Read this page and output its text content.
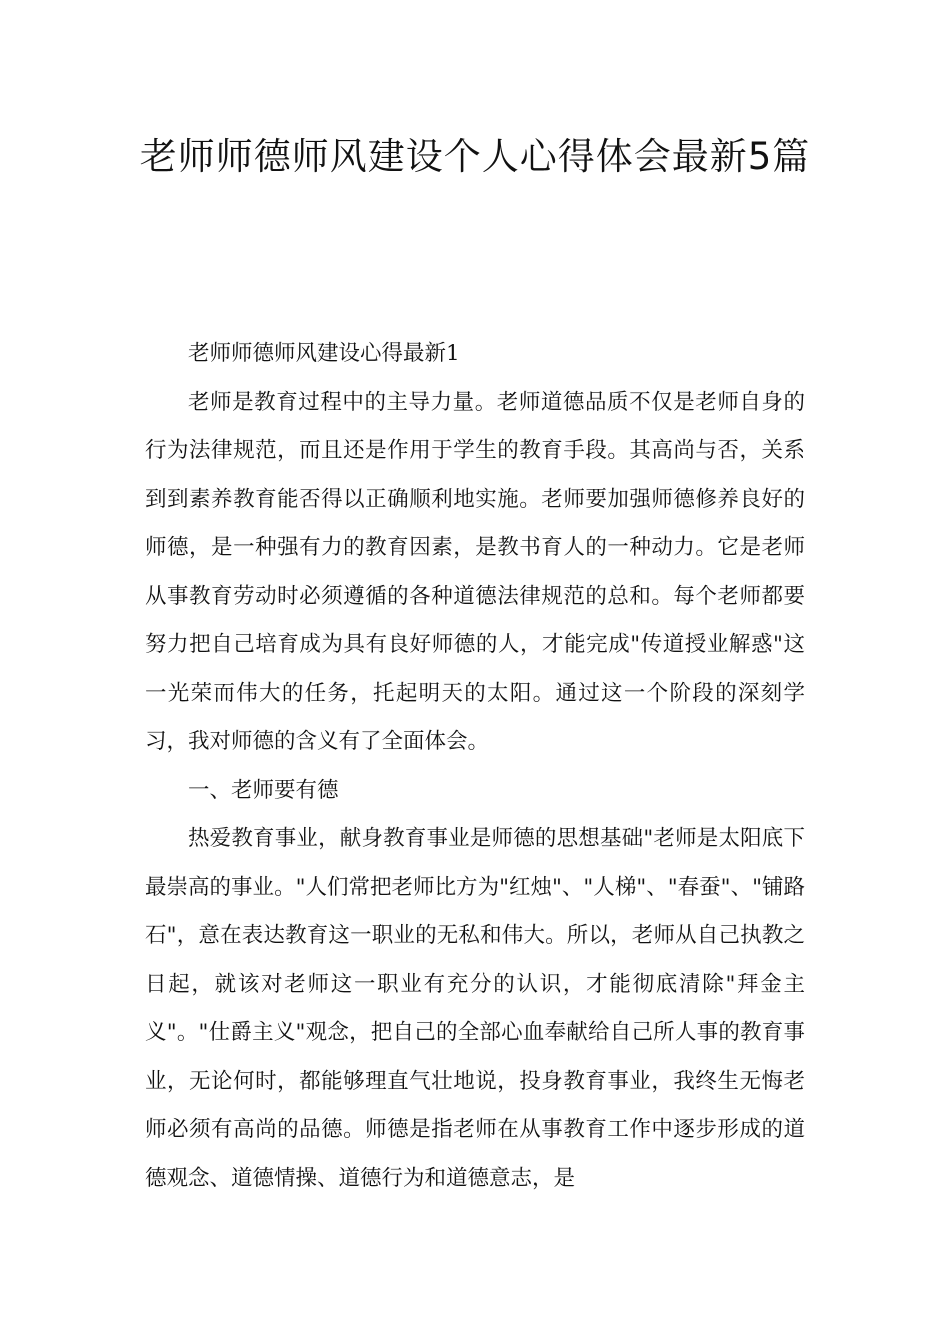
老师师德师风建设个人心得体会最新5篇

老师师德师风建设心得最新1

老师是教育过程中的主导力量。老师道德品质不仅是老师自身的行为法律规范，而且还是作用于学生的教育手段。其高尚与否，关系到到素养教育能否得以正确顺利地实施。老师要加强师德修养良好的师德，是一种强有力的教育因素，是教书育人的一种动力。它是老师从事教育劳动时必须遵循的各种道德法律规范的总和。每个老师都要努力把自己培育成为具有良好师德的人，才能完成"传道授业解惑"这一光荣而伟大的任务，托起明天的太阳。通过这一个阶段的深刻学习，我对师德的含义有了全面体会。

一、老师要有德

热爱教育事业，献身教育事业是师德的思想基础"老师是太阳底下最崇高的事业。"人们常把老师比方为"红烛"、"人梯"、"春蚕"、"铺路石"，意在表达教育这一职业的无私和伟大。所以，老师从自己执教之日起，就该对老师这一职业有充分的认识，才能彻底清除"拜金主义"。"仕爵主义"观念，把自己的全部心血奉献给自己所人事的教育事业，无论何时，都能够理直气壮地说，投身教育事业，我终生无悔老师必须有高尚的品德。师德是指老师在从事教育工作中逐步形成的道德观念、道德情操、道德行为和道德意志，是
